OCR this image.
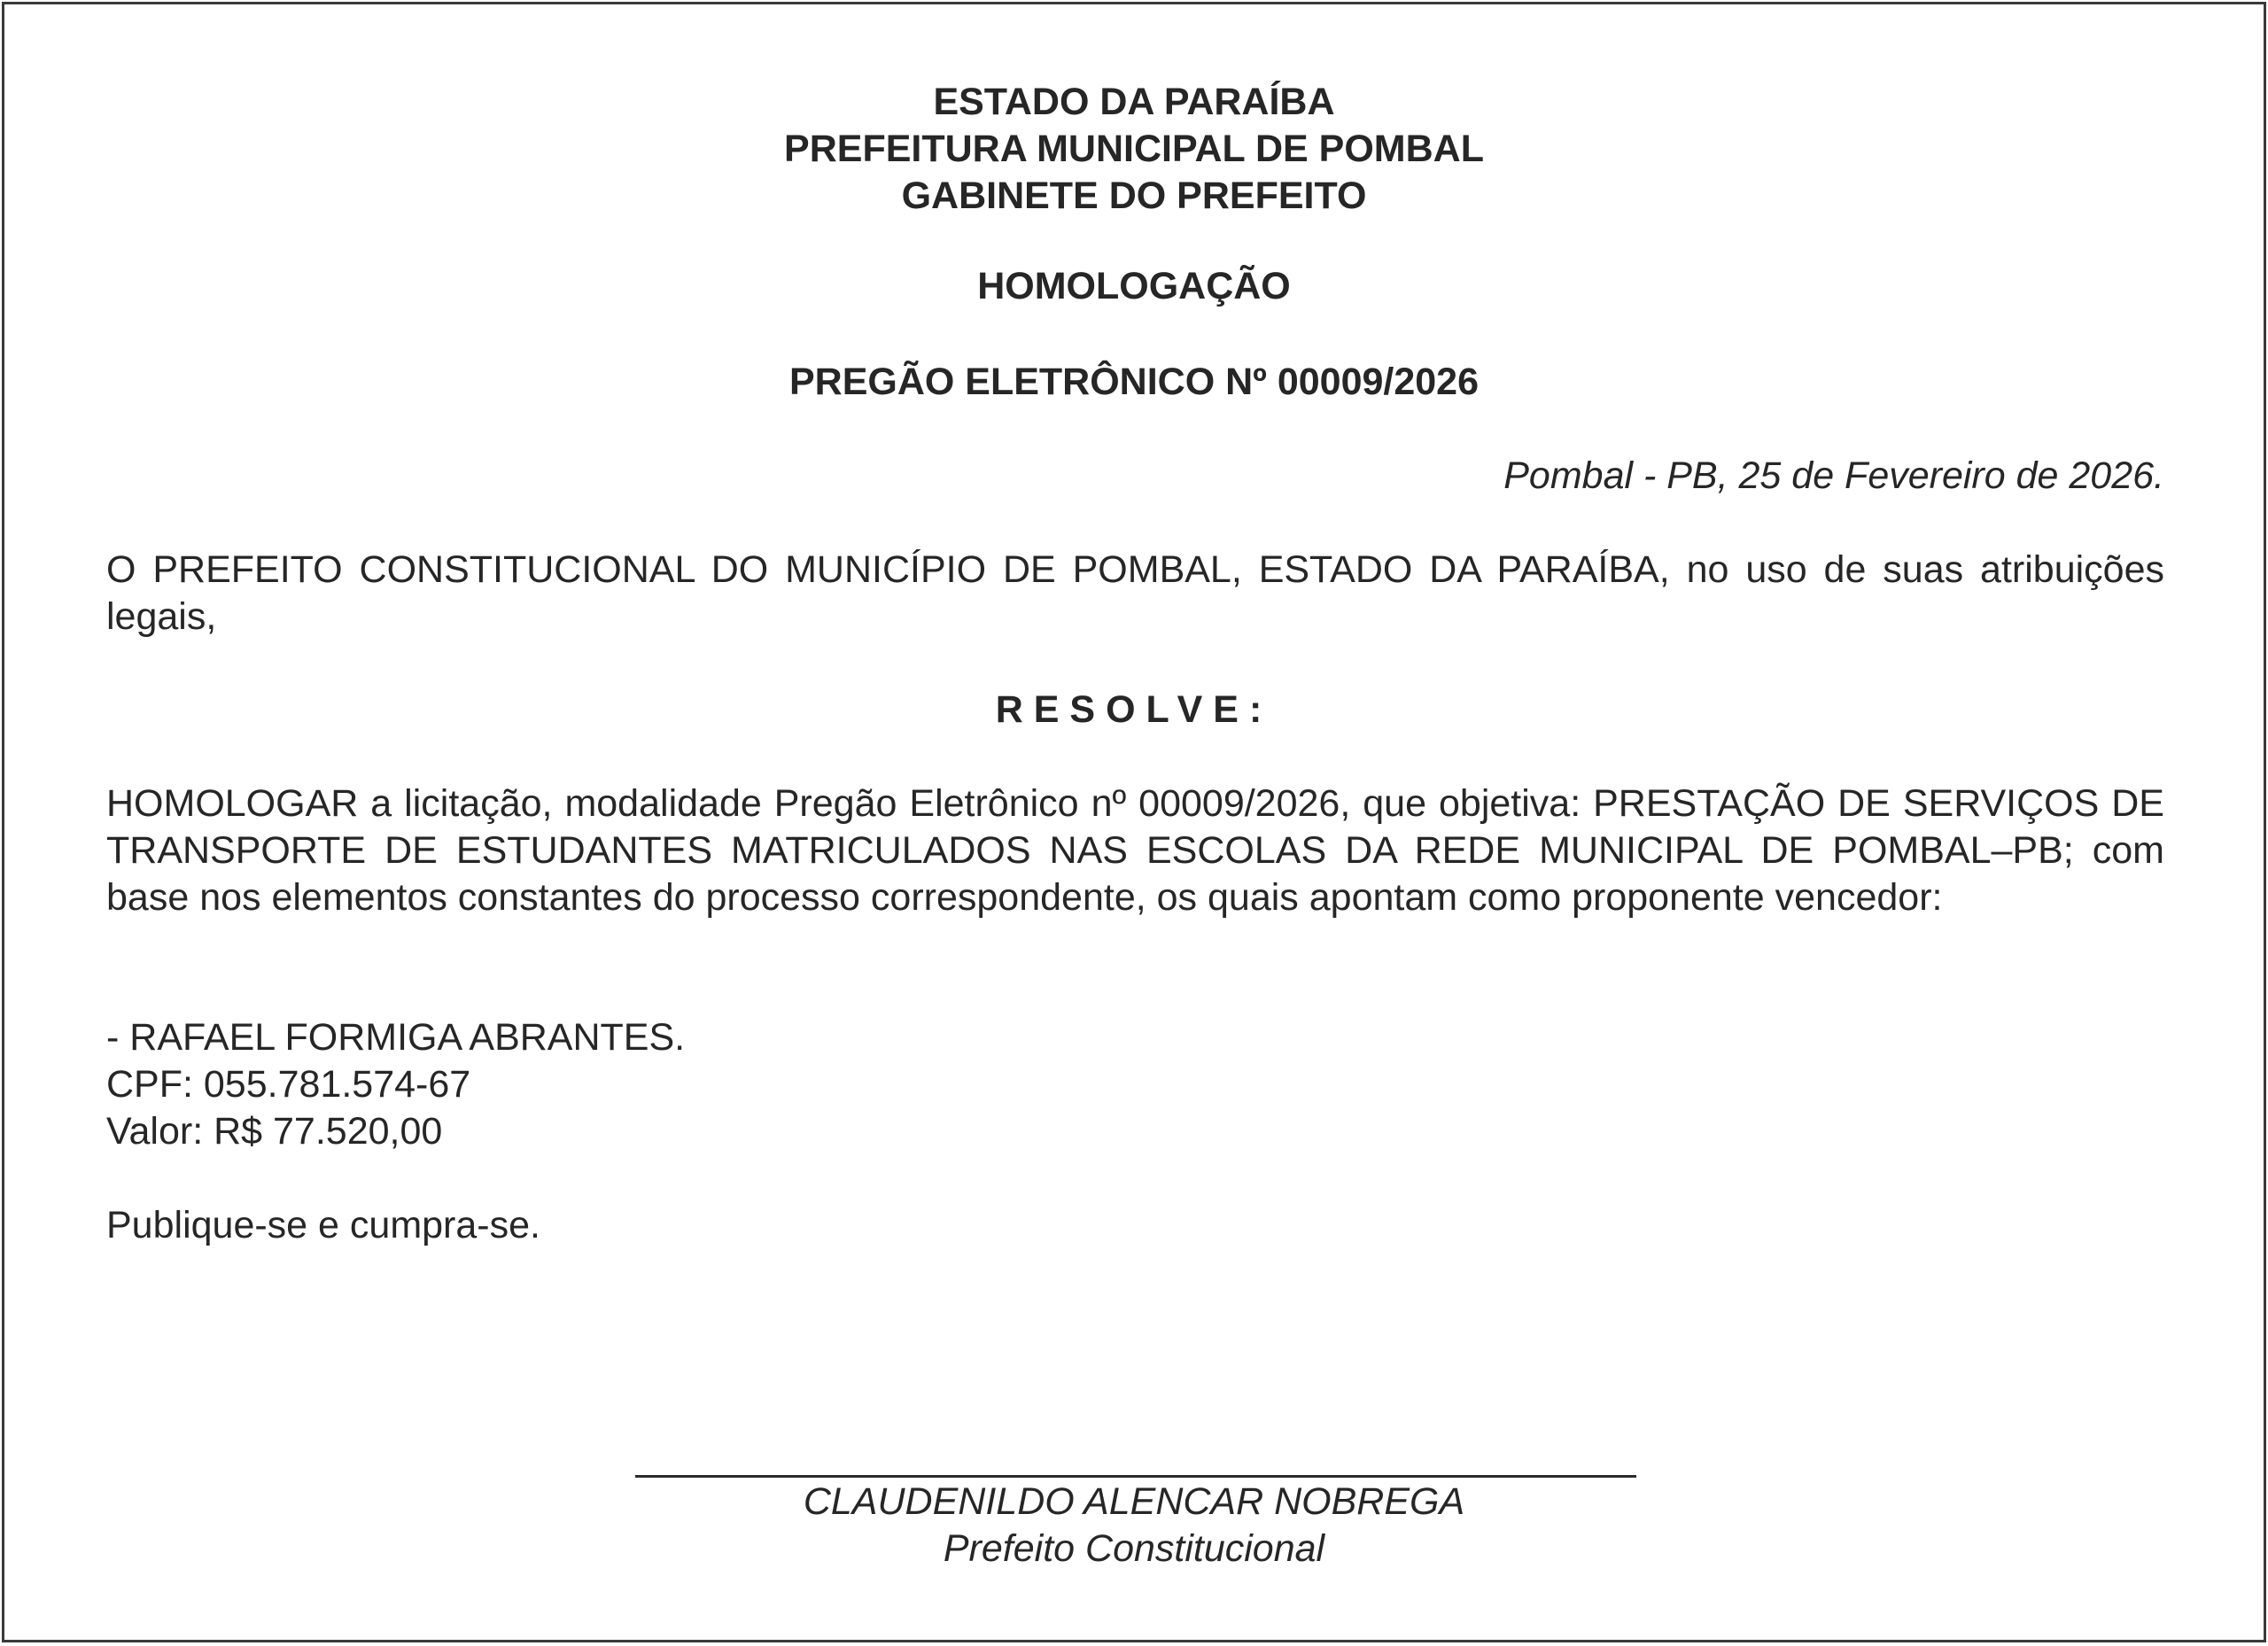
ESTADO DA PARAÍBA
PREFEITURA MUNICIPAL DE POMBAL
GABINETE DO PREFEITO
HOMOLOGAÇÃO
PREGÃO ELETRÔNICO Nº 00009/2026
Pombal - PB, 25 de Fevereiro de 2026.
O PREFEITO CONSTITUCIONAL DO MUNICÍPIO DE POMBAL, ESTADO DA PARAÍBA, no uso de suas atribuições legais,
RESOLVE:
HOMOLOGAR a licitação, modalidade Pregão Eletrônico nº 00009/2026, que objetiva: PRESTAÇÃO DE SERVIÇOS DE TRANSPORTE DE ESTUDANTES MATRICULADOS NAS ESCOLAS DA REDE MUNICIPAL DE POMBAL–PB; com base nos elementos constantes do processo correspondente, os quais apontam como proponente vencedor:
- RAFAEL FORMIGA ABRANTES.
CPF: 055.781.574-67
Valor: R$ 77.520,00
Publique-se e cumpra-se.
CLAUDENILDO ALENCAR NOBREGA
Prefeito Constitucional
